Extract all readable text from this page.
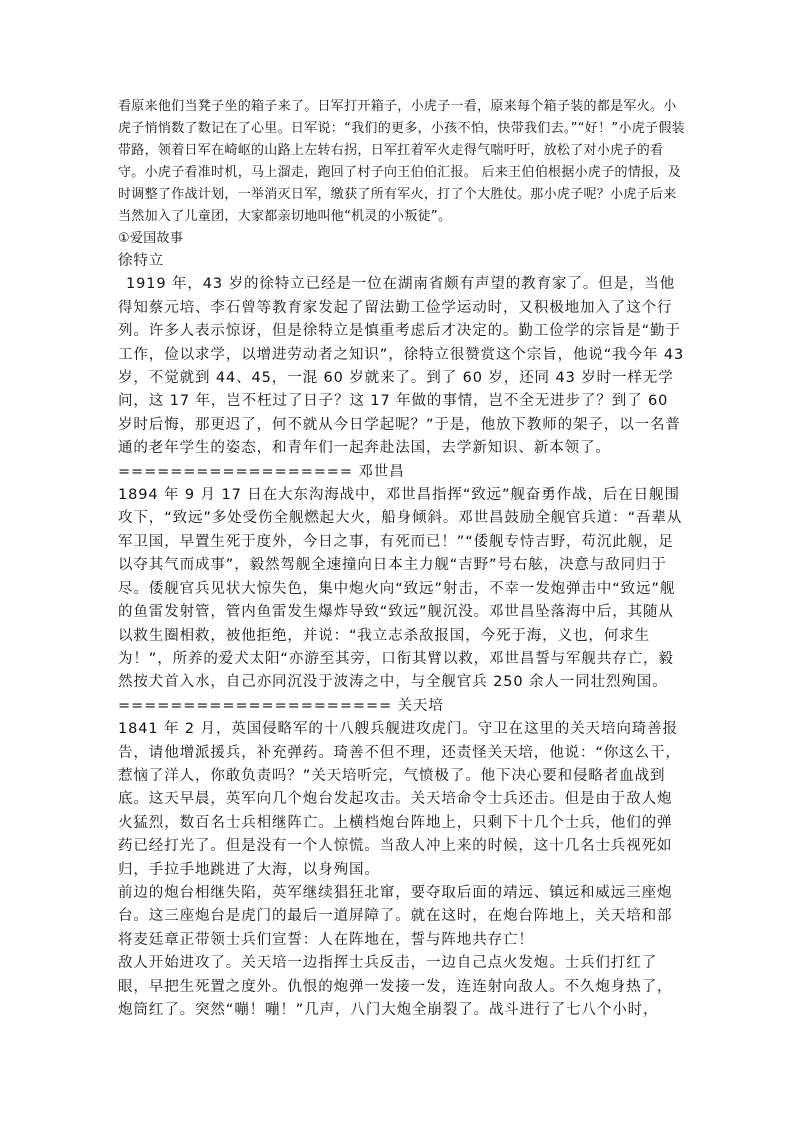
看原来他们当凳子坐的箱子来了。日军打开箱子，小虎子一看，原来每个箱子装的都是军火。小虎子悄悄数了数记在了心里。日军说：“我们的更多，小孩不怕，快带我们去。”“好！”小虎子假装带路，领着日军在崎岖的山路上左转右拐，日军扛着军火走得气喘吁吁，放松了对小虎子的看守。小虎子看准时机，马上溜走，跑回了村子向王伯伯汇报。 后来王伯伯根据小虎子的情报，及时调整了作战计划，一举消灭日军，缴获了所有军火，打了个大胜仗。那小虎子呢？小虎子后来当然加入了儿童团，大家都亲切地叫他“机灵的小叛徒”。

①爱国故事

徐特立

1919 年，43 岁的徐特立已经是一位在湖南省颇有声望的教育家了。但是，当他得知蔡元培、李石曾等教育家发起了留法勤工俭学运动时，又积极地加入了这个行列。许多人表示惊讶，但是徐特立是慎重考虑后才决定的。勤工俭学的宗旨是“勤于工作，俭以求学，以增进劳动者之知识”，徐特立很赞赏这个宗旨，他说“我今年 43 岁，不觉就到 44、45，一混 60 岁就来了。到了 60 岁，还同 43 岁时一样无学问，这 17 年，岂不枉过了日子？这 17 年做的事情，岂不全无进步了？到了 60 岁时后悔，那更迟了，何不就从今日学起呢？”于是，他放下教师的架子，以一名普通的老年学生的姿态，和青年们一起奔赴法国，去学新知识、新本领了。

================== 邓世昌

1894 年 9 月 17 日在大东沟海战中，邓世昌指挥“致远”舰奋勇作战，后在日舰围攻下，“致远”多处受伤全舰燃起大火，船身倾斜。邓世昌鼓励全舰官兵道：“吾辈从军卫国，早置生死于度外，今日之事，有死而已！”“倭舰专恃吉野，苟沉此舰，足以夺其气而成事”，毅然驾舰全速撞向日本主力舰“吉野”号右舷，决意与敌同归于尽。倭舰官兵见状大惊失色，集中炮火向“致远”射击，不幸一发炮弹击中“致远”舰的鱼雷发射管，管内鱼雷发生爆炸导致“致远”舰沉没。邓世昌坠落海中后，其随从以救生圈相救，被他拒绝，并说：“我立志杀敌报国，今死于海，义也，何求生为！”，所养的爱犬太阳“亦游至其旁，口衔其臂以救，邓世昌誓与军舰共存亡，毅然按犬首入水，自己亦同沉没于波涛之中，与全舰官兵 250 余人一同壮烈殉国。

===================== 关天培

1841 年 2 月，英国侵略军的十八艘兵舰进攻虎门。守卫在这里的关天培向琦善报告，请他增派援兵，补充弹药。琦善不但不理，还责怪关天培，他说：“你这么干，惹恼了洋人，你敢负责吗？”关天培听完，气愤极了。他下决心要和侵略者血战到底。这天早晨，英军向几个炮台发起攻击。关天培命令士兵还击。但是由于敌人炮火猛烈，数百名士兵相继阵亡。上横档炮台阵地上，只剩下十几个士兵，他们的弹药已经打光了。但是没有一个人惊慌。当敌人冲上来的时候，这十几名士兵视死如归，手拉手地跳进了大海，以身殉国。

前边的炮台相继失陷，英军继续猖狂北窜，要夺取后面的靖远、镇远和威远三座炮台。这三座炮台是虎门的最后一道屏障了。就在这时，在炮台阵地上，关天培和部将麦廷章正带领士兵们宣誓：人在阵地在，誓与阵地共存亡！

敌人开始进攻了。关天培一边指挥士兵反击，一边自己点火发炮。士兵们打红了眼，早把生死置之度外。仇恨的炮弹一发接一发，连连射向敌人。不久炮身热了，炮筒红了。突然“嘣！嘣！”几声，八门大炮全崩裂了。战斗进行了七八个小时，
